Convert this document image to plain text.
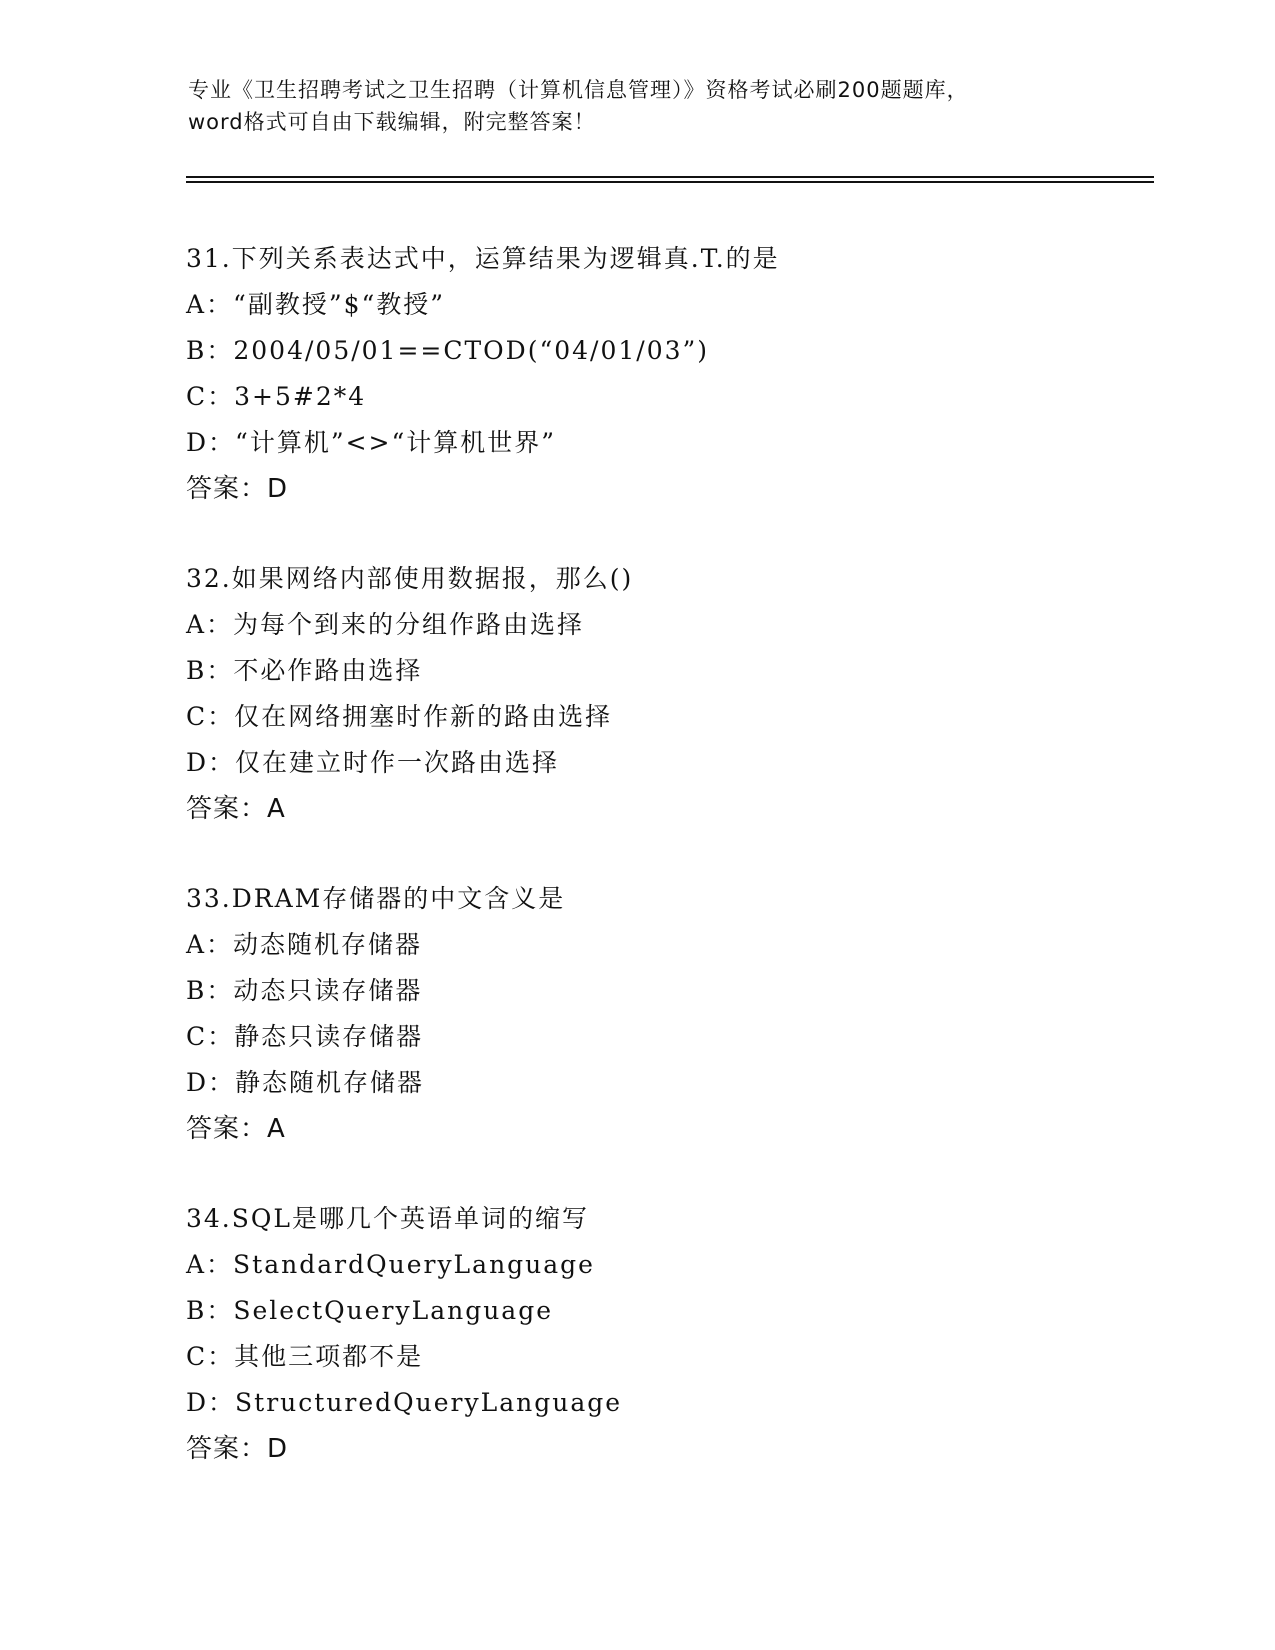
专业《卫生招聘考试之卫生招聘（计算机信息管理）》资格考试必刷200题题库，
word格式可自由下载编辑，附完整答案！
31.下列关系表达式中，运算结果为逻辑真.T.的是
A：“副教授”$“教授”
B：2004/05/01==CTOD(“04/01/03”)
C：3+5#2*4
D：“计算机”<>“计算机世界”
答案：D
32.如果网络内部使用数据报，那么()
A：为每个到来的分组作路由选择
B：不必作路由选择
C：仅在网络拥塞时作新的路由选择
D：仅在建立时作一次路由选择
答案：A
33.DRAM存储器的中文含义是
A：动态随机存储器
B：动态只读存储器
C：静态只读存储器
D：静态随机存储器
答案：A
34.SQL是哪几个英语单词的缩写
A：StandardQueryLanguage
B：SelectQueryLanguage
C：其他三项都不是
D：StructuredQueryLanguage
答案：D
